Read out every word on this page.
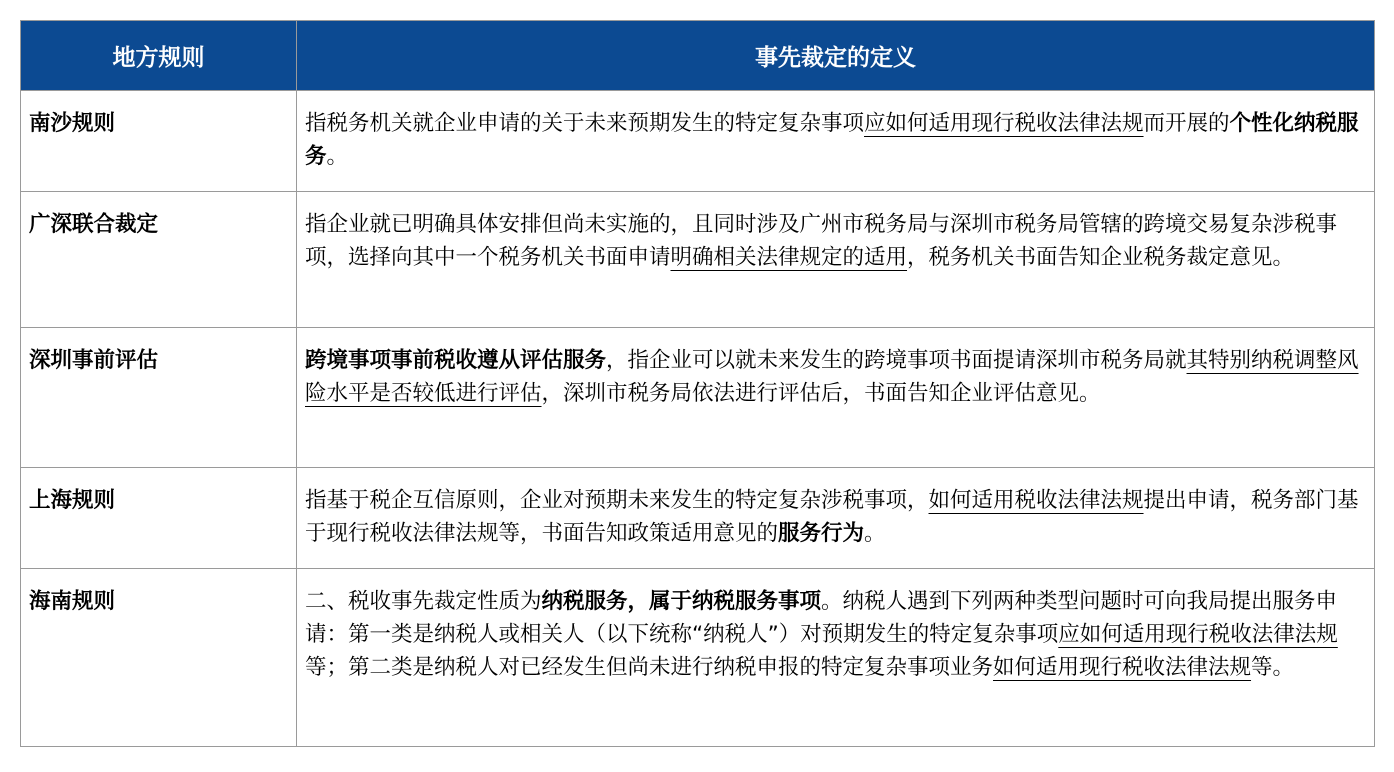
地方规则	事先裁定的定义
南沙规则	指税务机关就企业申请的关于未来预期发生的特定复杂事项应如何适用现行税收法律法规而开展的个性化纳税服务。
广深联合裁定	指企业就已明确具体安排但尚未实施的，且同时涉及广州市税务局与深圳市税务局管辖的跨境交易复杂涉税事项，选择向其中一个税务机关书面申请明确相关法律规定的适用，税务机关书面告知企业税务裁定意见。
深圳事前评估	跨境事项事前税收遵从评估服务，指企业可以就未来发生的跨境事项书面提请深圳市税务局就其特别纳税调整风险水平是否较低进行评估，深圳市税务局依法进行评估后，书面告知企业评估意见。
上海规则	指基于税企互信原则，企业对预期未来发生的特定复杂涉税事项，如何适用税收法律法规提出申请，税务部门基于现行税收法律法规等，书面告知政策适用意见的服务行为。
海南规则	二、税收事先裁定性质为纳税服务，属于纳税服务事项。纳税人遇到下列两种类型问题时可向我局提出服务申请：第一类是纳税人或相关人（以下统称“纳税人”）对预期发生的特定复杂事项应如何适用现行税收法律法规等；第二类是纳税人对已经发生但尚未进行纳税申报的特定复杂事项业务如何适用现行税收法律法规等。
